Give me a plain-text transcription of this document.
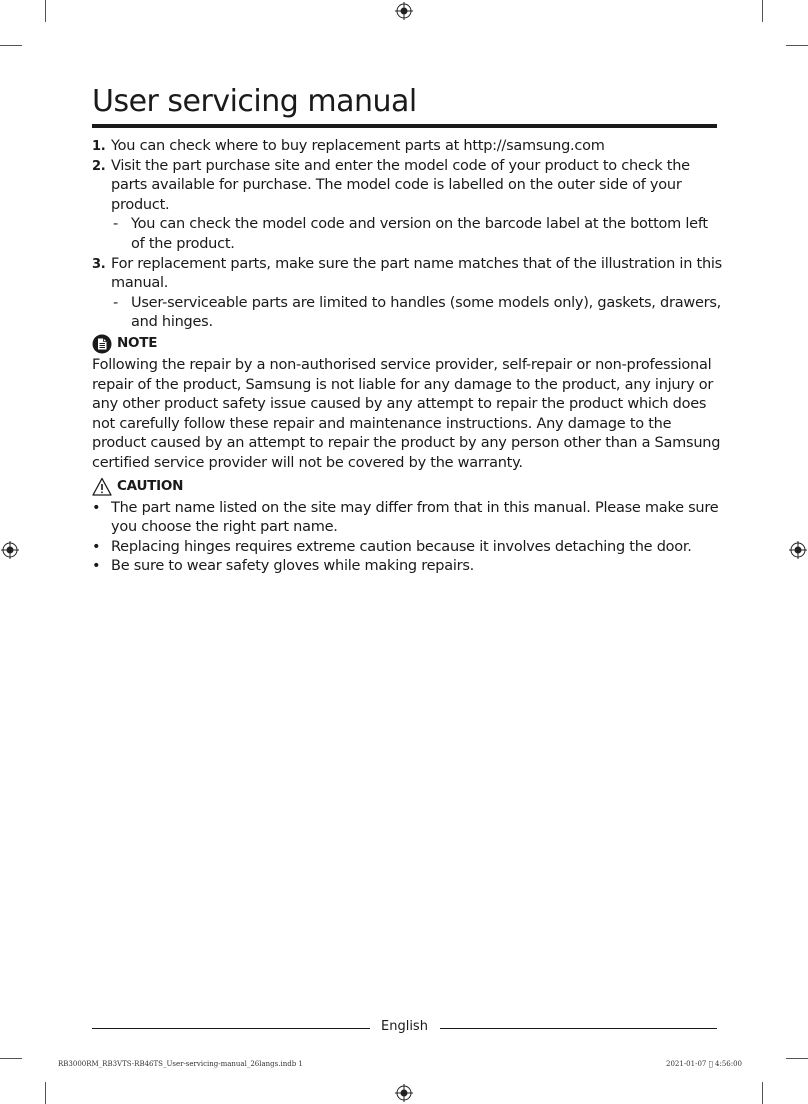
User servicing manual
1. You can check where to buy replacement parts at http://samsung.com
2. Visit the part purchase site and enter the model code of your product to check the parts available for purchase. The model code is labelled on the outer side of your product.
- You can check the model code and version on the barcode label at the bottom left of the product.
3. For replacement parts, make sure the part name matches that of the illustration in this manual.
- User-serviceable parts are limited to handles (some models only), gaskets, drawers, and hinges.
NOTE
Following the repair by a non-authorised service provider, self-repair or non-professional repair of the product, Samsung is not liable for any damage to the product, any injury or any other product safety issue caused by any attempt to repair the product which does not carefully follow these repair and maintenance instructions. Any damage to the product caused by an attempt to repair the product by any person other than a Samsung certified service provider will not be covered by the warranty.
CAUTION
• The part name listed on the site may differ from that in this manual. Please make sure you choose the right part name.
• Replacing hinges requires extreme caution because it involves detaching the door.
• Be sure to wear safety gloves while making repairs.
English
RB3000RM_RB3VTS-RB46TS_User-servicing-manual_26langs.indb 1	2021-01-07   4:56:00
